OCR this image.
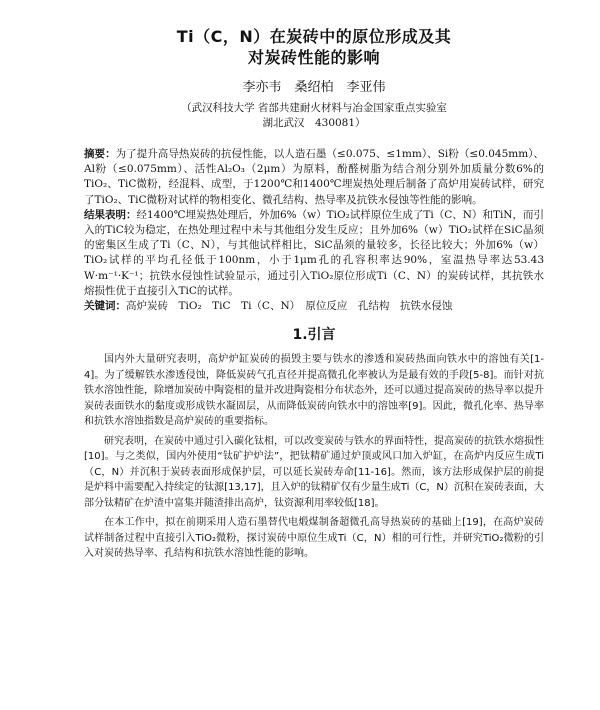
Ti（C，N）在炭砖中的原位形成及其
对炭砖性能的影响
李亦韦　桑绍柏　李亚伟
（武汉科技大学 省部共建耐火材料与冶金国家重点实验室
湖北武汉　430081）

摘要：为了提升高导热炭砖的抗侵性能，以人造石墨（≤0.075、≤1mm）、Si粉（≤0.045mm）、Al粉（≤0.075mm）、活性Al₂O₃（2μm）为原料，酚醛树脂为结合剂分别外加质量分数6%的TiO₂、TiC微粉，经混料、成型，于1200℃和1400℃埋炭热处理后制备了高炉用炭砖试样，研究了TiO₂、TiC微粉对试样的物相变化、微孔结构、热导率及抗铁水侵蚀等性能的影响。

结果表明：经1400℃埋炭热处理后，外加6%（w）TiO₂试样原位生成了Ti（C、N）和TiN，而引入的TiC较为稳定，在热处理过程中未与其他组分发生反应；且外加6%（w）TiO₂试样在SiC晶须的密集区生成了Ti（C、N），与其他试样相比，SiC晶须的量较多，长径比较大；外加6%（w）TiO₂试样的平均孔径低于100nm，小于1μm孔的孔容积率达90%，室温热导率达53.43 W·m⁻¹·K⁻¹；抗铁水侵蚀性试验显示，通过引入TiO₂原位形成Ti（C、N）的炭砖试样，其抗铁水熔损性优于直接引入TiC的试样。

关键词：高炉炭砖　TiO₂　TiC　Ti（C、N）　原位反应　孔结构　抗铁水侵蚀
1.引言

国内外大量研究表明，高炉炉缸炭砖的损毁主要与铁水的渗透和炭砖热面向铁水中的溶蚀有关[1-4]。为了缓解铁水渗透侵蚀，降低炭砖气孔直径并提高微孔化率被认为是最有效的手段[5-8]。而针对抗铁水溶蚀性能，除增加炭砖中陶瓷相的量并改进陶瓷相分布状态外，还可以通过提高炭砖的热导率以提升炭砖表面铁水的黏度或形成铁水凝固层，从而降低炭砖向铁水中的溶蚀率[9]。因此，微孔化率、热导率和抗铁水溶蚀指数是高炉炭砖的重要指标。

研究表明，在炭砖中通过引入碳化钛相，可以改变炭砖与铁水的界面特性，提高炭砖的抗铁水熔损性[10]。与之类似，国内外使用“钛矿护炉法”，把钛精矿通过炉顶或风口加入炉缸，在高炉内反应生成Ti（C，N）并沉积于炭砖表面形成保护层，可以延长炭砖寿命[11-16]。然而，该方法形成保护层的前提是炉料中需要配入持续定的钛源[13,17]，且入炉的钛精矿仅有少量生成Ti（C，N）沉积在炭砖表面，大部分钛精矿在炉渣中富集并随渣排出高炉，钛资源利用率较低[18]。

在本工作中，拟在前期采用人造石墨替代电煅煤制备超微孔高导热炭砖的基础上[19]，在高炉炭砖试样制备过程中直接引入TiO₂微粉，探讨炭砖中原位生成Ti（C，N）相的可行性，并研究TiO₂微粉的引入对炭砖热导率、孔结构和抗铁水溶蚀性能的影响。
